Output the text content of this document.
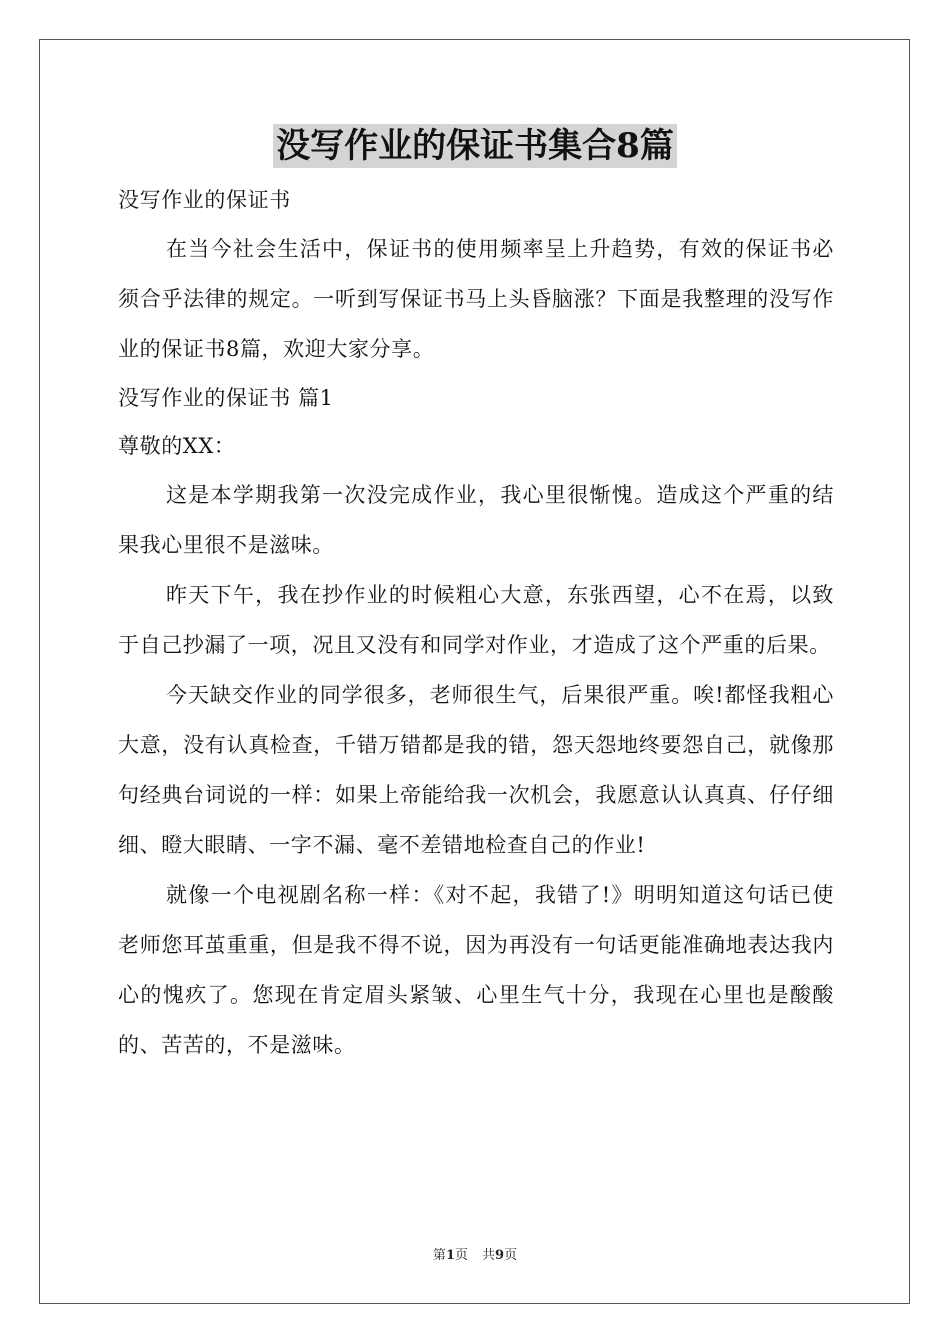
没写作业的保证书集合8篇

没写作业的保证书

在当今社会生活中，保证书的使用频率呈上升趋势，有效的保证书必须合乎法律的规定。一听到写保证书马上头昏脑涨？下面是我整理的没写作业的保证书8篇，欢迎大家分享。

没写作业的保证书 篇1

尊敬的XX：

这是本学期我第一次没完成作业，我心里很惭愧。造成这个严重的结果我心里很不是滋味。

昨天下午，我在抄作业的时候粗心大意，东张西望，心不在焉，以致于自己抄漏了一项，况且又没有和同学对作业，才造成了这个严重的后果。

今天缺交作业的同学很多，老师很生气，后果很严重。唉!都怪我粗心大意，没有认真检查，千错万错都是我的错，怨天怨地终要怨自己，就像那句经典台词说的一样：如果上帝能给我一次机会，我愿意认认真真、仔仔细细、瞪大眼睛、一字不漏、毫不差错地检查自己的作业!

就像一个电视剧名称一样：《对不起，我错了!》明明知道这句话已使老师您耳茧重重，但是我不得不说，因为再没有一句话更能准确地表达我内心的愧疚了。您现在肯定眉头紧皱、心里生气十分，我现在心里也是酸酸的、苦苦的，不是滋味。

第1页 共9页
